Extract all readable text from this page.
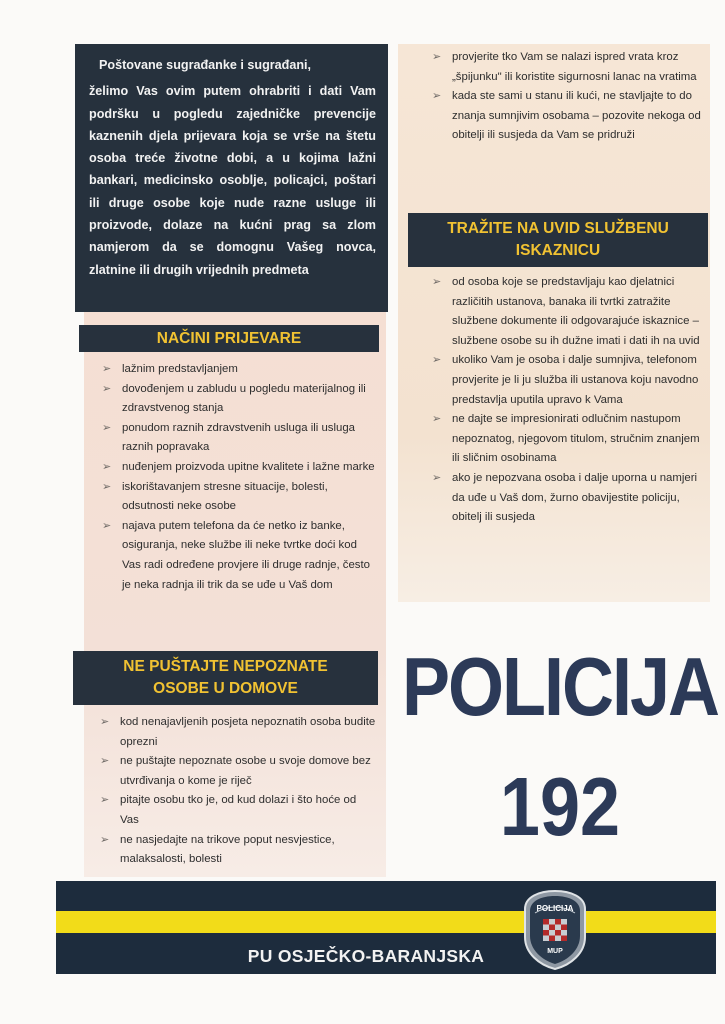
Poštovane sugrađanke i sugrađani,
želimo Vas ovim putem ohrabriti i dati Vam podršku u pogledu zajedničke prevencije kaznenih djela prijevara koja se vrše na štetu osoba treće životne dobi, a u kojima lažni bankari, medicinsko osoblje, policajci, poštari ili druge osobe koje nude razne usluge ili proizvode, dolaze na kućni prag sa zlom namjerom da se domognu Vašeg novca, zlatnine ili drugih vrijednih predmeta
NAČINI PRIJEVARE
➢ lažnim predstavljanjem
➢ dovođenjem u zabludu u pogledu materijalnog ili zdravstvenog stanja
➢ ponudom raznih zdravstvenih usluga ili usluga raznih popravaka
➢ nuđenjem proizvoda upitne kvalitete i lažne marke
➢ iskorištavanjem stresne situacije, bolesti, odsutnosti neke osobe
➢ najava putem telefona da će netko iz banke, osiguranja, neke službe ili neke tvrtke doći kod Vas radi određene provjere ili druge radnje, često je neka radnja ili trik da se uđe u Vaš dom
NE PUŠTAJTE NEPOZNATE
OSOBE U DOMOVE
➢ kod nenajavljenih posjeta nepoznatih osoba budite oprezni
➢ ne puštajte nepoznate osobe u svoje domove bez utvrđivanja o kome je riječ
➢ pitajte osobu tko je, od kud dolazi i što hoće od Vas
➢ ne nasjedajte na trikove poput nesvjestice, malaksalosti, bolesti
➢ provjerite tko Vam se nalazi ispred vrata kroz „špijunku" ili koristite sigurnosni lanac na vratima
➢ kada ste sami u stanu ili kući, ne stavljajte to do znanja sumnjivim osobama – pozovite nekoga od obitelji ili susjeda da Vam se pridruži
TRAŽITE NA UVID SLUŽBENU
ISKAZNICU
➢ od osoba koje se predstavljaju kao djelatnici različitih ustanova, banaka ili tvrtki zatražite službene dokumente ili odgovarajuće iskaznice – službene osobe su ih dužne imati i dati ih na uvid
➢ ukoliko Vam je osoba i dalje sumnjiva, telefonom provjerite je li ju služba ili ustanova koju navodno predstavlja uputila upravo k Vama
➢ ne dajte se impresionirati odlučnim nastupom nepoznatog, njegovom titulom, stručnim znanjem ili sličnim osobinama
➢ ako je nepozvana osoba i dalje uporna u namjeri da uđe u Vaš dom, žurno obavijestite policiju, obitelj ili susjeda
POLICIJA
192
PU OSJEČKO-BARANJSKA
POLICIJA
MUP
